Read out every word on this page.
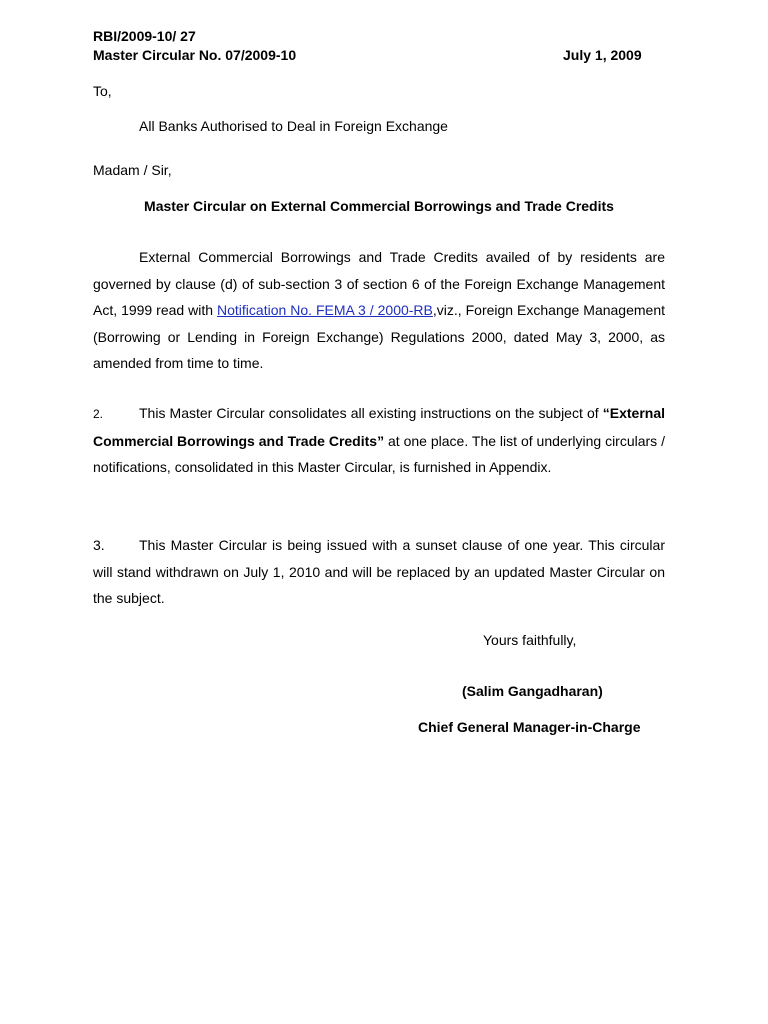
RBI/2009-10/ 27
Master Circular No. 07/2009-10	July 1, 2009
To,
All Banks Authorised to Deal in Foreign Exchange
Madam / Sir,
Master Circular on External Commercial Borrowings and Trade Credits
External Commercial Borrowings and Trade Credits availed of by residents are governed by clause (d) of sub-section 3 of section 6 of the Foreign Exchange Management Act, 1999 read with Notification No. FEMA 3 / 2000-RB,viz., Foreign Exchange Management (Borrowing or Lending in Foreign Exchange) Regulations 2000, dated May 3, 2000, as amended from time to time.
2.	This Master Circular consolidates all existing instructions on the subject of “External Commercial Borrowings and Trade Credits” at one place. The list of underlying circulars / notifications, consolidated in this Master Circular, is furnished in Appendix.
3. This Master Circular is being issued with a sunset clause of one year. This circular will stand withdrawn on July 1, 2010 and will be replaced by an updated Master Circular on the subject.
Yours faithfully,
(Salim Gangadharan)
Chief General Manager-in-Charge
